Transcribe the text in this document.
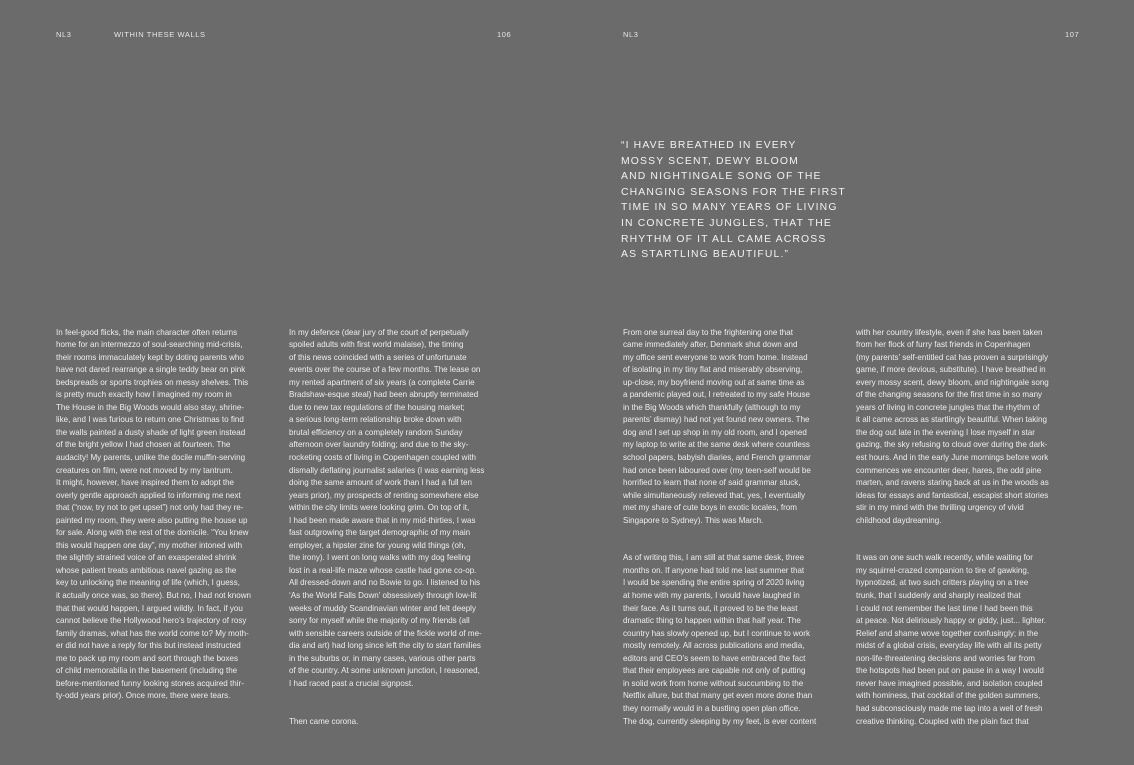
NL3	WITHIN THESE WALLS	106	NL3	107
“I HAVE BREATHED IN EVERY
MOSSY SCENT, DEWY BLOOM
AND NIGHTINGALE SONG OF THE
CHANGING SEASONS FOR THE FIRST
TIME IN SO MANY YEARS OF LIVING
IN CONCRETE JUNGLES, THAT THE
RHYTHM OF IT ALL CAME ACROSS
AS STARTLING BEAUTIFUL.”

In feel-good flicks, the main character often returns
home for an intermezzo of soul-searching mid-crisis,
their rooms immaculately kept by doting parents who
have not dared rearrange a single teddy bear on pink
bedspreads or sports trophies on messy shelves. This
is pretty much exactly how I imagined my room in
The House in the Big Woods would also stay, shrine-
like, and I was furious to return one Christmas to find
the walls painted a dusty shade of light green instead
of the bright yellow I had chosen at fourteen. The
audacity! My parents, unlike the docile muffin-serving
creatures on film, were not moved by my tantrum.
It might, however, have inspired them to adopt the
overly gentle approach applied to informing me next
that (“now, try not to get upset”) not only had they re-
painted my room, they were also putting the house up
for sale. Along with the rest of the domicile. “You knew
this would happen one day”, my mother intoned with
the slightly strained voice of an exasperated shrink
whose patient treats ambitious navel gazing as the
key to unlocking the meaning of life (which, I guess,
it actually once was, so there). But no, I had not known
that that would happen, I argued wildly. In fact, if you
cannot believe the Hollywood hero’s trajectory of rosy
family dramas, what has the world come to? My moth-
er did not have a reply for this but instead instructed
me to pack up my room and sort through the boxes
of child memorabilia in the basement (including the
before-mentioned funny looking stones acquired thir-
ty-odd years prior). Once more, there were tears.

In my defence (dear jury of the court of perpetually
spoiled adults with first world malaise), the timing
of this news coincided with a series of unfortunate
events over the course of a few months. The lease on
my rented apartment of six years (a complete Carrie
Bradshaw-esque steal) had been abruptly terminated
due to new tax regulations of the housing market;
a serious long-term relationship broke down with
brutal efficiency on a completely random Sunday
afternoon over laundry folding; and due to the sky-
rocketing costs of living in Copenhagen coupled with
dismally deflating journalist salaries (I was earning less
doing the same amount of work than I had a full ten
years prior), my prospects of renting somewhere else
within the city limits were looking grim. On top of it,
I had been made aware that in my mid-thirties, I was
fast outgrowing the target demographic of my main
employer, a hipster zine for young wild things (oh,
the irony). I went on long walks with my dog feeling
lost in a real-life maze whose castle had gone co-op.
All dressed-down and no Bowie to go. I listened to his
‘As the World Falls Down’ obsessively through low-lit
weeks of muddy Scandinavian winter and felt deeply
sorry for myself while the majority of my friends (all
with sensible careers outside of the fickle world of me-
dia and art) had long since left the city to start families
in the suburbs or, in many cases, various other parts
of the country. At some unknown junction, I reasoned,
I had raced past a crucial signpost.

Then came corona.

From one surreal day to the frightening one that
came immediately after, Denmark shut down and
my office sent everyone to work from home. Instead
of isolating in my tiny flat and miserably observing,
up-close, my boyfriend moving out at same time as
a pandemic played out, I retreated to my safe House
in the Big Woods which thankfully (although to my
parents’ dismay) had not yet found new owners. The
dog and I set up shop in my old room, and I opened
my laptop to write at the same desk where countless
school papers, babyish diaries, and French grammar
had once been laboured over (my teen-self would be
horrified to learn that none of said grammar stuck,
while simultaneously relieved that, yes, I eventually
met my share of cute boys in exotic locales, from
Singapore to Sydney). This was March.

As of writing this, I am still at that same desk, three
months on. If anyone had told me last summer that
I would be spending the entire spring of 2020 living
at home with my parents, I would have laughed in
their face. As it turns out, it proved to be the least
dramatic thing to happen within that half year. The
country has slowly opened up, but I continue to work
mostly remotely. All across publications and media,
editors and CEO’s seem to have embraced the fact
that their employees are capable not only of putting
in solid work from home without succumbing to the
Netflix allure, but that many get even more done than
they normally would in a bustling open plan office.
The dog, currently sleeping by my feet, is ever content

with her country lifestyle, even if she has been taken
from her flock of furry fast friends in Copenhagen
(my parents’ self-entitled cat has proven a surprisingly
game, if more devious, substitute). I have breathed in
every mossy scent, dewy bloom, and nightingale song
of the changing seasons for the first time in so many
years of living in concrete jungles that the rhythm of
it all came across as startlingly beautiful. When taking
the dog out late in the evening I lose myself in star
gazing, the sky refusing to cloud over during the dark-
est hours. And in the early June mornings before work
commences we encounter deer, hares, the odd pine
marten, and ravens staring back at us in the woods as
ideas for essays and fantastical, escapist short stories
stir in my mind with the thrilling urgency of vivid
childhood daydreaming.

It was on one such walk recently, while waiting for
my squirrel-crazed companion to tire of gawking,
hypnotized, at two such critters playing on a tree
trunk, that I suddenly and sharply realized that
I could not remember the last time I had been this
at peace. Not deliriously happy or giddy, just... lighter.
Relief and shame wove together confusingly; in the
midst of a global crisis, everyday life with all its petty
non-life-threatening decisions and worries far from
the hotspots had been put on pause in a way I would
never have imagined possible, and isolation coupled
with hominess, that cocktail of the golden summers,
had subconsciously made me tap into a well of fresh
creative thinking. Coupled with the plain fact that
